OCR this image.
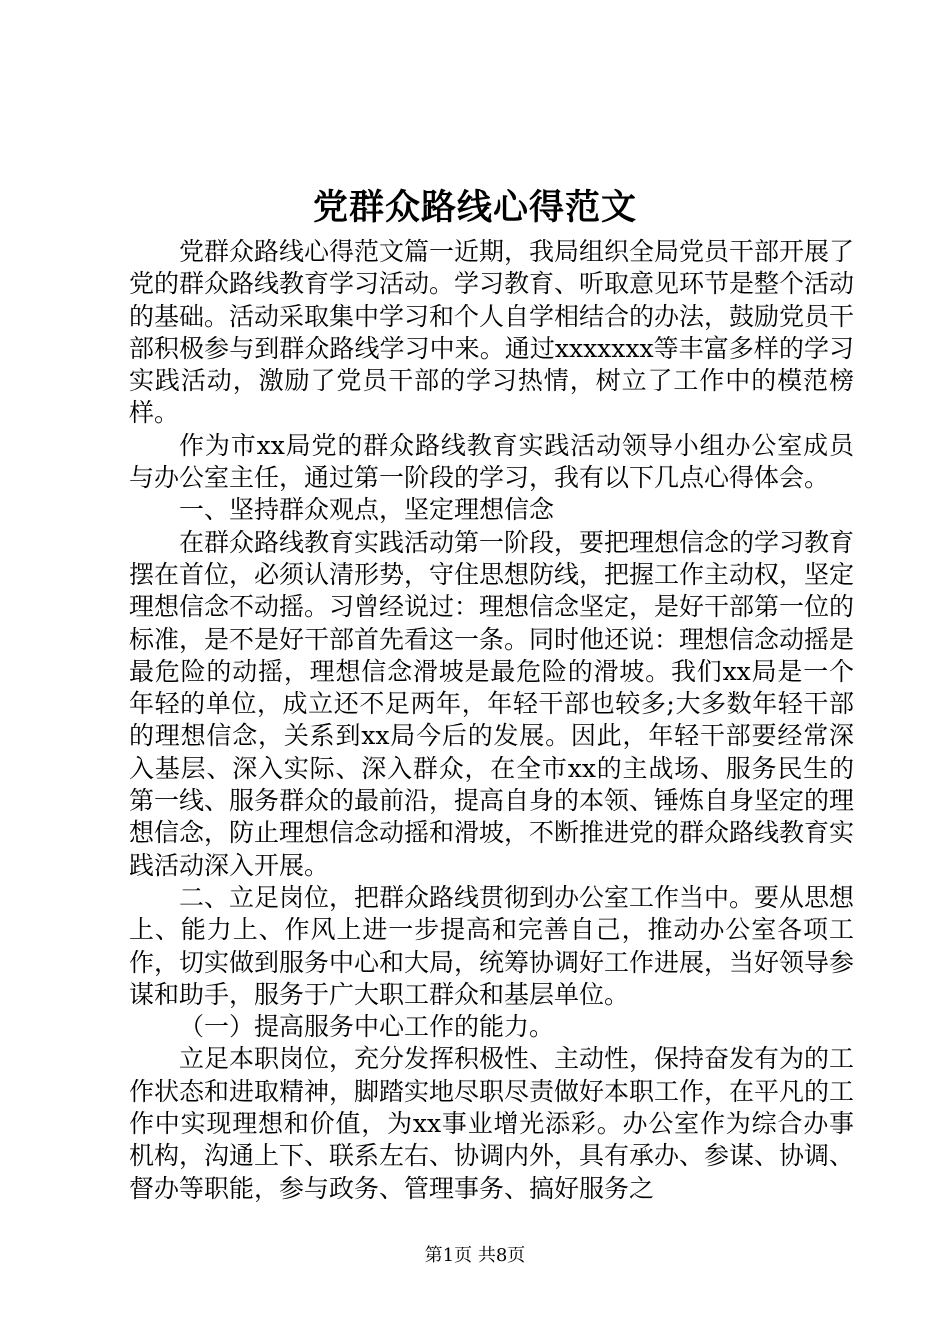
党群众路线心得范文

党群众路线心得范文篇一近期，我局组织全局党员干部开展了党的群众路线教育学习活动。学习教育、听取意见环节是整个活动的基础。活动采取集中学习和个人自学相结合的办法，鼓励党员干部积极参与到群众路线学习中来。通过xxxxxxx等丰富多样的学习实践活动，激励了党员干部的学习热情，树立了工作中的模范榜样。

作为市xx局党的群众路线教育实践活动领导小组办公室成员与办公室主任，通过第一阶段的学习，我有以下几点心得体会。

一、坚持群众观点，坚定理想信念

在群众路线教育实践活动第一阶段，要把理想信念的学习教育摆在首位，必须认清形势，守住思想防线，把握工作主动权，坚定理想信念不动摇。习曾经说过：理想信念坚定，是好干部第一位的标准，是不是好干部首先看这一条。同时他还说：理想信念动摇是最危险的动摇，理想信念滑坡是最危险的滑坡。我们xx局是一个年轻的单位，成立还不足两年，年轻干部也较多;大多数年轻干部的理想信念，关系到xx局今后的发展。因此，年轻干部要经常深入基层、深入实际、深入群众，在全市xx的主战场、服务民生的第一线、服务群众的最前沿，提高自身的本领、锤炼自身坚定的理想信念，防止理想信念动摇和滑坡，不断推进党的群众路线教育实践活动深入开展。

二、立足岗位，把群众路线贯彻到办公室工作当中。要从思想上、能力上、作风上进一步提高和完善自己，推动办公室各项工作，切实做到服务中心和大局，统筹协调好工作进展，当好领导参谋和助手，服务于广大职工群众和基层单位。

（一）提高服务中心工作的能力。

立足本职岗位，充分发挥积极性、主动性，保持奋发有为的工作状态和进取精神，脚踏实地尽职尽责做好本职工作，在平凡的工作中实现理想和价值，为xx事业增光添彩。办公室作为综合办事机构，沟通上下、联系左右、协调内外，具有承办、参谋、协调、督办等职能，参与政务、管理事务、搞好服务之

第1页 共8页
